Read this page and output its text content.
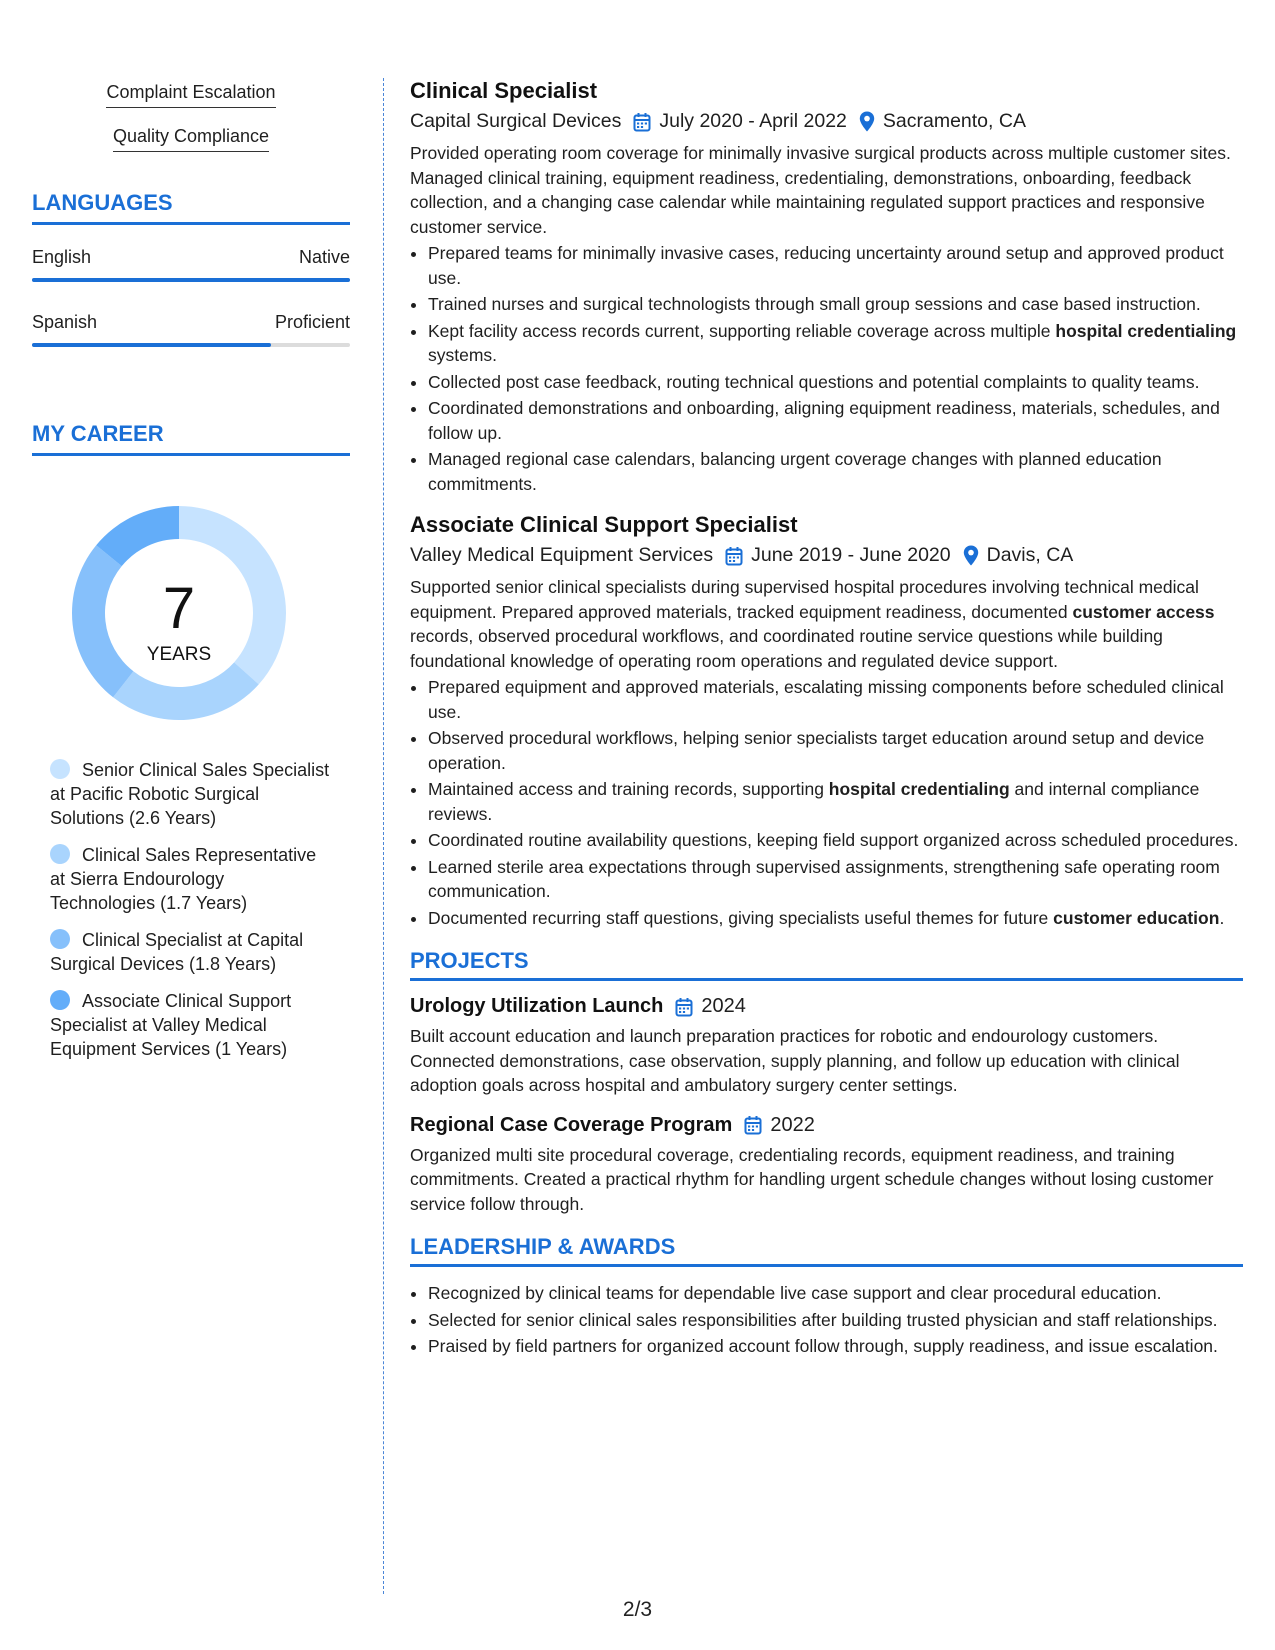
Complaint Escalation
Quality Compliance
LANGUAGES
English	Native
Spanish	Proficient
MY CAREER
7
YEARS
Senior Clinical Sales Specialist at Pacific Robotic Surgical Solutions (2.6 Years)
Clinical Sales Representative at Sierra Endourology Technologies (1.7 Years)
Clinical Specialist at Capital Surgical Devices (1.8 Years)
Associate Clinical Support Specialist at Valley Medical Equipment Services (1 Years)
Clinical Specialist
Capital Surgical Devices July 2020 - April 2022 Sacramento, CA

Provided operating room coverage for minimally invasive surgical products across multiple customer sites. Managed clinical training, equipment readiness, credentialing, demonstrations, onboarding, feedback collection, and a changing case calendar while maintaining regulated support practices and responsive customer service.

• Prepared teams for minimally invasive cases, reducing uncertainty around setup and approved product use.
• Trained nurses and surgical technologists through small group sessions and case based instruction.
• Kept facility access records current, supporting reliable coverage across multiple hospital credentialing systems.
• Collected post case feedback, routing technical questions and potential complaints to quality teams.
• Coordinated demonstrations and onboarding, aligning equipment readiness, materials, schedules, and follow up.
• Managed regional case calendars, balancing urgent coverage changes with planned education commitments.
Associate Clinical Support Specialist
Valley Medical Equipment Services June 2019 - June 2020 Davis, CA

Supported senior clinical specialists during supervised hospital procedures involving technical medical equipment. Prepared approved materials, tracked equipment readiness, documented customer access records, observed procedural workflows, and coordinated routine service questions while building foundational knowledge of operating room operations and regulated device support.

• Prepared equipment and approved materials, escalating missing components before scheduled clinical use.
• Observed procedural workflows, helping senior specialists target education around setup and device operation.
• Maintained access and training records, supporting hospital credentialing and internal compliance reviews.
• Coordinated routine availability questions, keeping field support organized across scheduled procedures.
• Learned sterile area expectations through supervised assignments, strengthening safe operating room communication.
• Documented recurring staff questions, giving specialists useful themes for future customer education.
PROJECTS
Urology Utilization Launch 2024

Built account education and launch preparation practices for robotic and endourology customers. Connected demonstrations, case observation, supply planning, and follow up education with clinical adoption goals across hospital and ambulatory surgery center settings.

Regional Case Coverage Program 2022

Organized multi site procedural coverage, credentialing records, equipment readiness, and training commitments. Created a practical rhythm for handling urgent schedule changes without losing customer service follow through.

LEADERSHIP & AWARDS
• Recognized by clinical teams for dependable live case support and clear procedural education.
• Selected for senior clinical sales responsibilities after building trusted physician and staff relationships.
• Praised by field partners for organized account follow through, supply readiness, and issue escalation.
2/3
